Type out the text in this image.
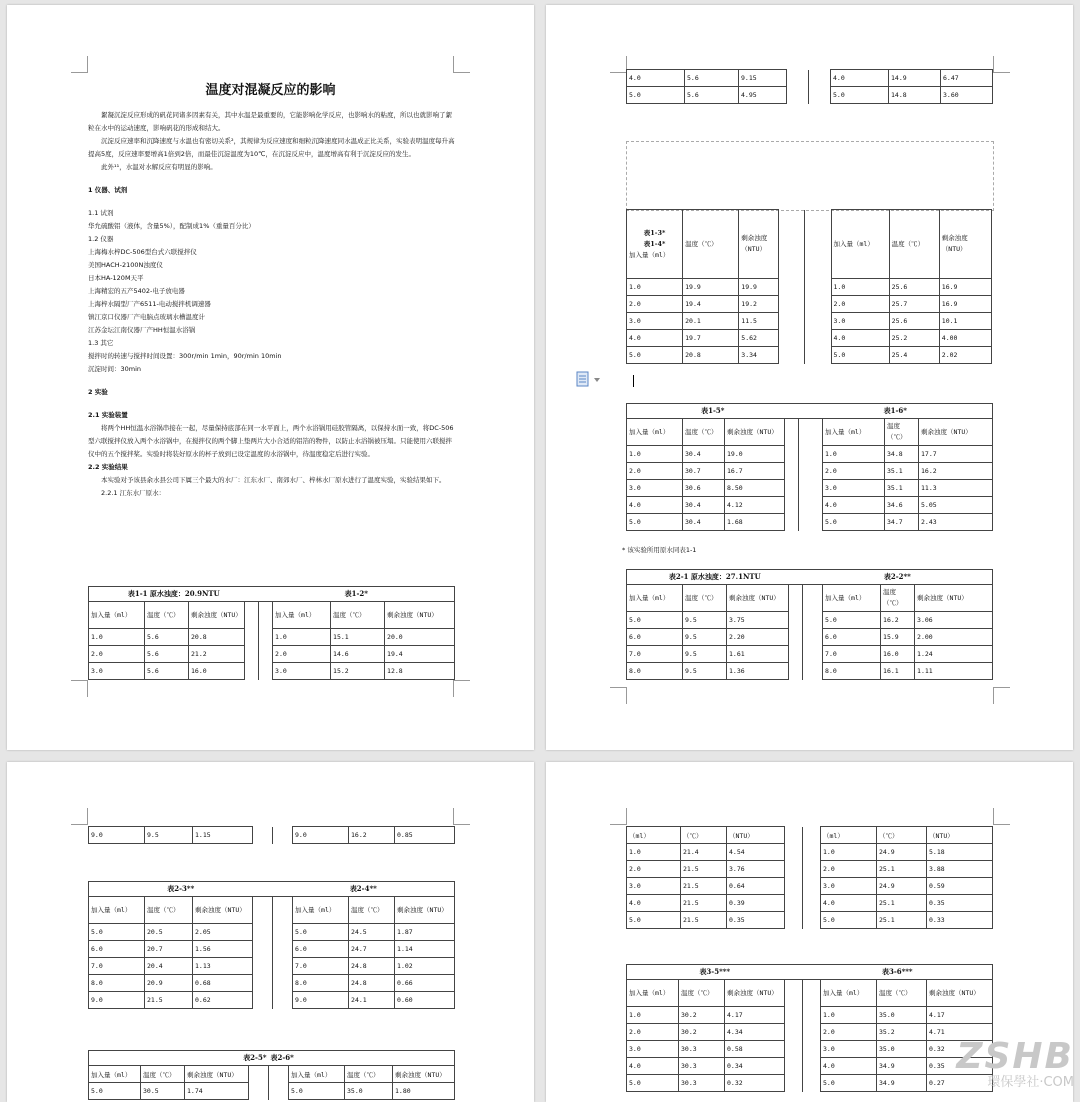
温度对混凝反应的影响

絮凝沉淀反应形成的矾花同诸多因素有关，其中水温是最重要的，它能影响化学反应，也影响水的粘度，所以也就影响了絮粒在水中的运动速度，影响矾花的形成和结大。

沉淀反应速率和沉降速度与水温也有密切关系²，其规律为反应速度和细粒沉降速度同水温成正比关系，实验表明温度每升高提高5度，反应速率要增高1倍到2倍，而最佳沉淀温度为10℃，在沉淀反应中，温度增高有利于沉淀反应的发生。

此外¹¹，水温对水解反应有明显的影响。

1 仪器、试剂

1.1 试剂

华允硫酸铝（液体，含量5%），配制成1%（重量百分比）

1.2 仪器

上海梅水梓DC-506型台式六联搅拌仪

美国HACH-2100N浊度仪

日本HA-120M天平

上海精宏的五产5402-电子放电器

上海梓水隔型厂产6511-电动搅拌机调速器

镇江京口仪器厂产电脑点玻璃水槽温度计

江苏金坛江南仪器厂产HH恒温水浴锅

1.3 其它

搅拌时的转速与搅拌时间设置：300r/min 1min，90r/min 10min

沉淀时间：30min

2 实验

2.1 实验装置

将两个HH恒温水浴锅串接在一起，尽量保持底部在同一水平面上，两个水浴锅用硅胶管隔离，以保持水面一致，将DC-506型六联搅拌仪放入两个水浴锅中，在搅拌仪的两个脚上垫两片大小合适的铝箔的物件，以防止水浴锅被压塌。只能使用六联搅拌仪中的五个搅拌桨。实验时将装好原水的杯子放到已设定温度的水浴锅中，待温度稳定后进行实验。

2.2 实验结果

本实验对予该县余水县公司下属三个最大的水厂：江东水厂、南郊水厂、梓林水厂原水进行了温度实验，实验结果如下。

2.2.1 江东水厂原水：

表1-1 原水浊度：20.9NTU				表1-2*			
加入量（ml）	温度（℃）	剩余浊度（NTU）			加入量（ml）	温度（℃）	剩余浊度（NTU）
1.0	5.6	20.8			1.0	15.1	20.0
2.0	5.6	21.2			2.0	14.6	19.4
3.0	5.6	16.0			3.0	15.2	12.8
4.0	5.6	9.15			4.0	14.9	6.47
5.0	5.6	4.95			5.0	14.8	3.60
表1-3*
表1-4*
加入量（ml）	温度（℃）	剩余浊度（NTU）			加入量（ml）	温度（℃）	剩余浊度（NTU）
1.0	19.9	19.9			1.0	25.6	16.9
2.0	19.4	19.2			2.0	25.7	16.9
3.0	20.1	11.5			3.0	25.6	10.1
4.0	19.7	5.62			4.0	25.2	4.00
5.0	20.8	3.34			5.0	25.4	2.02
表1-5*				表1-6*			
加入量（ml）	温度（℃）	剩余浊度（NTU）			加入量（ml）	温度（℃）	剩余浊度（NTU）
1.0	30.4	19.0			1.0	34.8	17.7
2.0	30.7	16.7			2.0	35.1	16.2
3.0	30.6	8.50			3.0	35.1	11.3
4.0	30.4	4.12			4.0	34.6	5.05
5.0	30.4	1.68			5.0	34.7	2.43
* 该实验所用原水同表1-1
表2-1 原水浊度：27.1NTU				表2-2**			
加入量（ml）	温度（℃）	剩余浊度（NTU）			加入量（ml）	温度（℃）	剩余浊度（NTU）
5.0	9.5	3.75			5.0	16.2	3.06
6.0	9.5	2.20			6.0	15.9	2.00
7.0	9.5	1.61			7.0	16.0	1.24
8.0	9.5	1.36			8.0	16.1	1.11
9.0	9.5	1.15			9.0	16.2	0.85
表2-3**				表2-4**			
加入量（ml）	温度（℃）	剩余浊度（NTU）			加入量（ml）	温度（℃）	剩余浊度（NTU）
5.0	20.5	2.05			5.0	24.5	1.87
6.0	20.7	1.56			6.0	24.7	1.14
7.0	20.4	1.13			7.0	24.8	1.02
8.0	20.9	0.68			8.0	24.8	0.66
9.0	21.5	0.62			9.0	24.1	0.60
表2-5*				表2-6*			
加入量（ml）	温度（℃）	剩余浊度（NTU）			加入量（ml）	温度（℃）	剩余浊度（NTU）
5.0	30.5	1.74			5.0	35.0	1.80
（ml）	（℃）	（NTU）			（ml）	（℃）	（NTU）
1.0	21.4	4.54			1.0	24.9	5.18
2.0	21.5	3.76			2.0	25.1	3.88
3.0	21.5	0.64			3.0	24.9	0.59
4.0	21.5	0.39			4.0	25.1	0.35
5.0	21.5	0.35			5.0	25.1	0.33
表3-5***				表3-6***			
加入量（ml）	温度（℃）	剩余浊度（NTU）			加入量（ml）	温度（℃）	剩余浊度（NTU）
1.0	30.2	4.17			1.0	35.0	4.17
2.0	30.2	4.34			2.0	35.2	4.71
3.0	30.3	0.58			3.0	35.0	0.32
4.0	30.3	0.34			4.0	34.9	0.35
5.0	30.3	0.32			5.0	34.9	0.27
ZSHB
環保學社·COM
